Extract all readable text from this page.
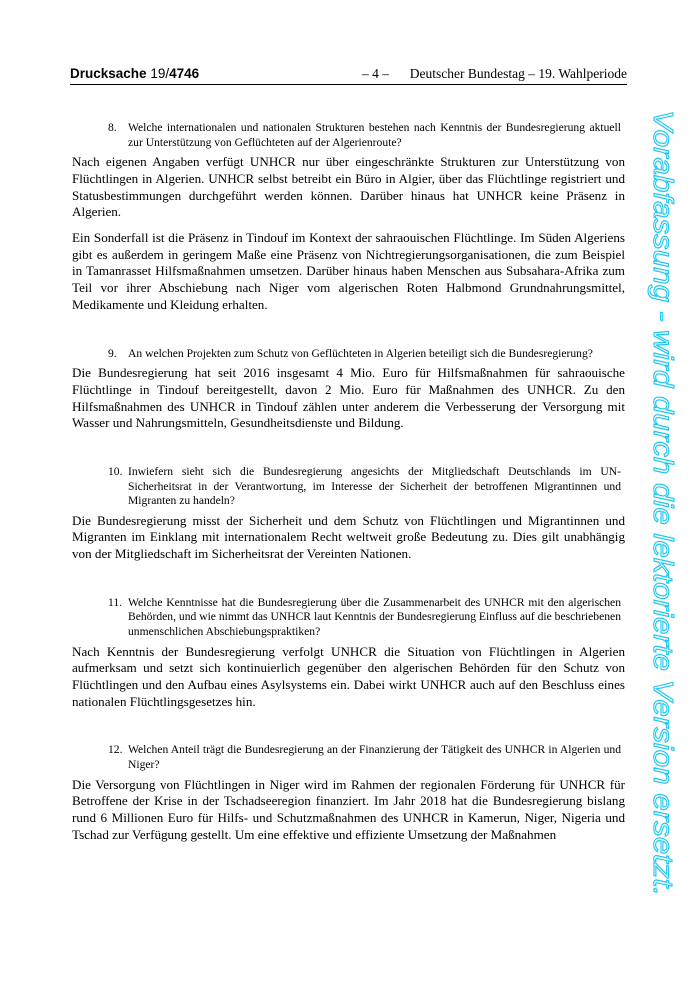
Drucksache 19/4746	– 4 – Deutscher Bundestag – 19. Wahlperiode
8. Welche internationalen und nationalen Strukturen bestehen nach Kenntnis der Bundesregierung aktuell zur Unterstützung von Geflüchteten auf der Algerienroute?

Nach eigenen Angaben verfügt UNHCR nur über eingeschränkte Strukturen zur Unterstützung von Flüchtlingen in Algerien. UNHCR selbst betreibt ein Büro in Algier, über das Flüchtlinge registriert und Statusbestimmungen durchgeführt werden können. Darüber hinaus hat UNHCR keine Präsenz in Algerien.

Ein Sonderfall ist die Präsenz in Tindouf im Kontext der sahraouischen Flüchtlinge. Im Süden Algeriens gibt es außerdem in geringem Maße eine Präsenz von Nichtregierungsorganisationen, die zum Beispiel in Tamanrasset Hilfsmaßnahmen umsetzen. Darüber hinaus haben Menschen aus Subsahara-Afrika zum Teil vor ihrer Abschiebung nach Niger vom algerischen Roten Halbmond Grundnahrungsmittel, Medikamente und Kleidung erhalten.

9. An welchen Projekten zum Schutz von Geflüchteten in Algerien beteiligt sich die Bundesregierung?

Die Bundesregierung hat seit 2016 insgesamt 4 Mio. Euro für Hilfsmaßnahmen für sahraouische Flüchtlinge in Tindouf bereitgestellt, davon 2 Mio. Euro für Maßnahmen des UNHCR. Zu den Hilfsmaßnahmen des UNHCR in Tindouf zählen unter anderem die Verbesserung der Versorgung mit Wasser und Nahrungsmitteln, Gesundheitsdienste und Bildung.

10. Inwiefern sieht sich die Bundesregierung angesichts der Mitgliedschaft Deutschlands im UN-Sicherheitsrat in der Verantwortung, im Interesse der Sicherheit der betroffenen Migrantinnen und Migranten zu handeln?

Die Bundesregierung misst der Sicherheit und dem Schutz von Flüchtlingen und Migrantinnen und Migranten im Einklang mit internationalem Recht weltweit große Bedeutung zu. Dies gilt unabhängig von der Mitgliedschaft im Sicherheitsrat der Vereinten Nationen.

11. Welche Kenntnisse hat die Bundesregierung über die Zusammenarbeit des UNHCR mit den algerischen Behörden, und wie nimmt das UNHCR laut Kenntnis der Bundesregierung Einfluss auf die beschriebenen unmenschlichen Abschiebungspraktiken?

Nach Kenntnis der Bundesregierung verfolgt UNHCR die Situation von Flüchtlingen in Algerien aufmerksam und setzt sich kontinuierlich gegenüber den algerischen Behörden für den Schutz von Flüchtlingen und den Aufbau eines Asylsystems ein. Dabei wirkt UNHCR auch auf den Beschluss eines nationalen Flüchtlingsgesetzes hin.

12. Welchen Anteil trägt die Bundesregierung an der Finanzierung der Tätigkeit des UNHCR in Algerien und Niger?

Die Versorgung von Flüchtlingen in Niger wird im Rahmen der regionalen Förderung für UNHCR für Betroffene der Krise in der Tschadseeregion finanziert. Im Jahr 2018 hat die Bundesregierung bislang rund 6 Millionen Euro für Hilfs- und Schutzmaßnahmen des UNHCR in Kamerun, Niger, Nigeria und Tschad zur Verfügung gestellt. Um eine effektive und effiziente Umsetzung der Maßnahmen

Vorabfassung - wird durch die lektorierte Version ersetzt.
